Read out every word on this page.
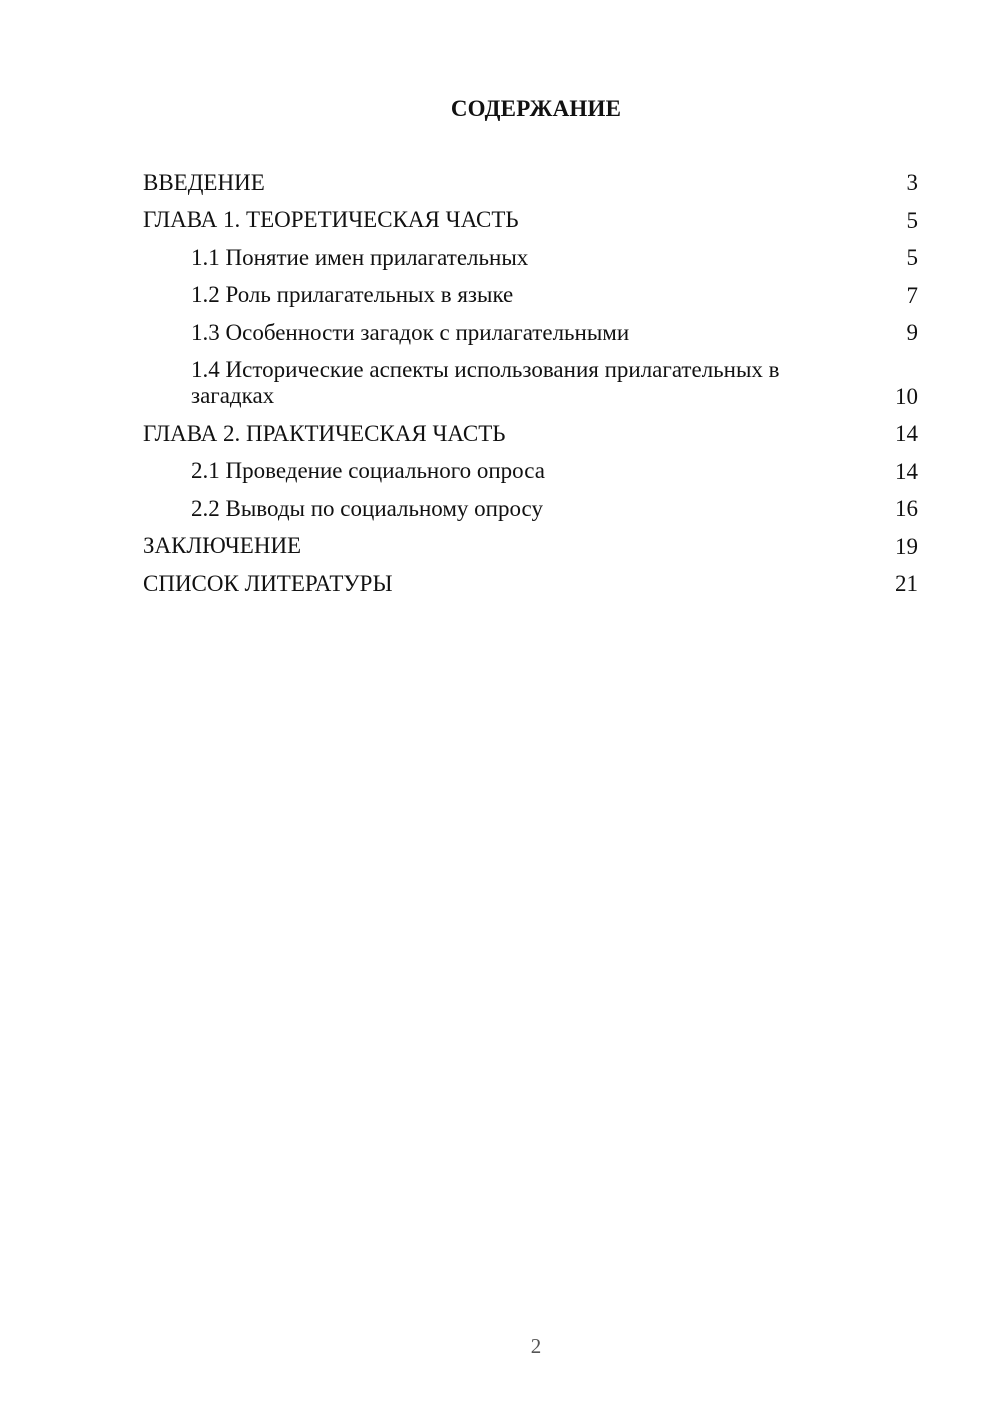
СОДЕРЖАНИЕ
ВВЕДЕНИЕ	3
ГЛАВА 1. ТЕОРЕТИЧЕСКАЯ ЧАСТЬ	5
1.1 Понятие имен прилагательных	5
1.2 Роль прилагательных в языке	7
1.3 Особенности загадок с прилагательными	9
1.4 Исторические аспекты использования прилагательных в загадках	10
ГЛАВА 2. ПРАКТИЧЕСКАЯ ЧАСТЬ	14
2.1 Проведение социального опроса	14
2.2 Выводы по социальному опросу	16
ЗАКЛЮЧЕНИЕ	19
СПИСОК ЛИТЕРАТУРЫ	21
2
